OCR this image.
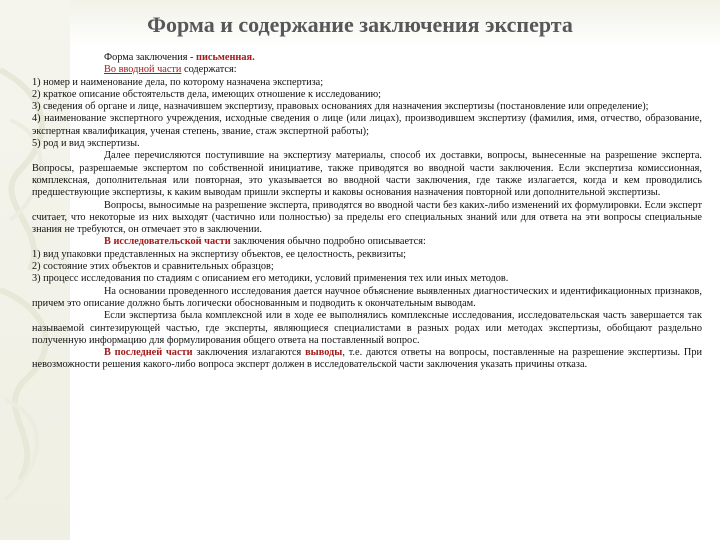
Форма и содержание заключения эксперта

Форма заключения - письменная.

Во вводной части содержатся:

1) номер и наименование дела, по которому назначена экспертиза;

2) краткое описание обстоятельств дела, имеющих отношение к исследованию;

3) сведения об органе и лице, назначившем экспертизу, правовых основаниях для назначения экспертизы (постановление или определение);

4) наименование экспертного учреждения, исходные сведения о лице (или лицах), производившем экспертизу (фамилия, имя, отчество, образование, экспертная квалификация, ученая степень, звание, стаж экспертной работы);

5) род и вид экспертизы.

Далее перечисляются поступившие на экспертизу материалы, способ их доставки, вопросы, вынесенные на разрешение эксперта. Вопросы, разрешаемые экспертом по собственной инициативе, также приводятся во вводной части заключения. Если экспертиза комиссионная, комплексная, дополнительная или повторная, это указывается во вводной части заключения, где также излагается, когда и кем проводились предшествующие экспертизы, к каким выводам пришли эксперты и каковы основания назначения повторной или дополнительной экспертизы.

Вопросы, выносимые на разрешение эксперта, приводятся во вводной части без каких-либо изменений их формулировки. Если эксперт считает, что некоторые из них выходят (частично или полностью) за пределы его специальных знаний или для ответа на эти вопросы специальные знания не требуются, он отмечает это в заключении.

В исследовательской части заключения обычно подробно описывается:

1) вид упаковки представленных на экспертизу объектов, ее целостность, реквизиты;

2) состояние этих объектов и сравнительных образцов;

3) процесс исследования по стадиям с описанием его методики, условий применения тех или иных методов.

На основании проведенного исследования дается научное объяснение выявленных диагностических и идентификационных признаков, причем это описание должно быть логически обоснованным и подводить к окончательным выводам.

Если экспертиза была комплексной или в ходе ее выполнялись комплексные исследования, исследовательская часть завершается так называемой синтезирующей частью, где эксперты, являющиеся специалистами в разных родах или методах экспертизы, обобщают раздельно полученную информацию для формулирования общего ответа на поставленный вопрос.

В последней части заключения излагаются выводы, т.е. даются ответы на вопросы, поставленные на разрешение экспертизы. При невозможности решения какого-либо вопроса эксперт должен в исследовательской части заключения указать причины отказа.
